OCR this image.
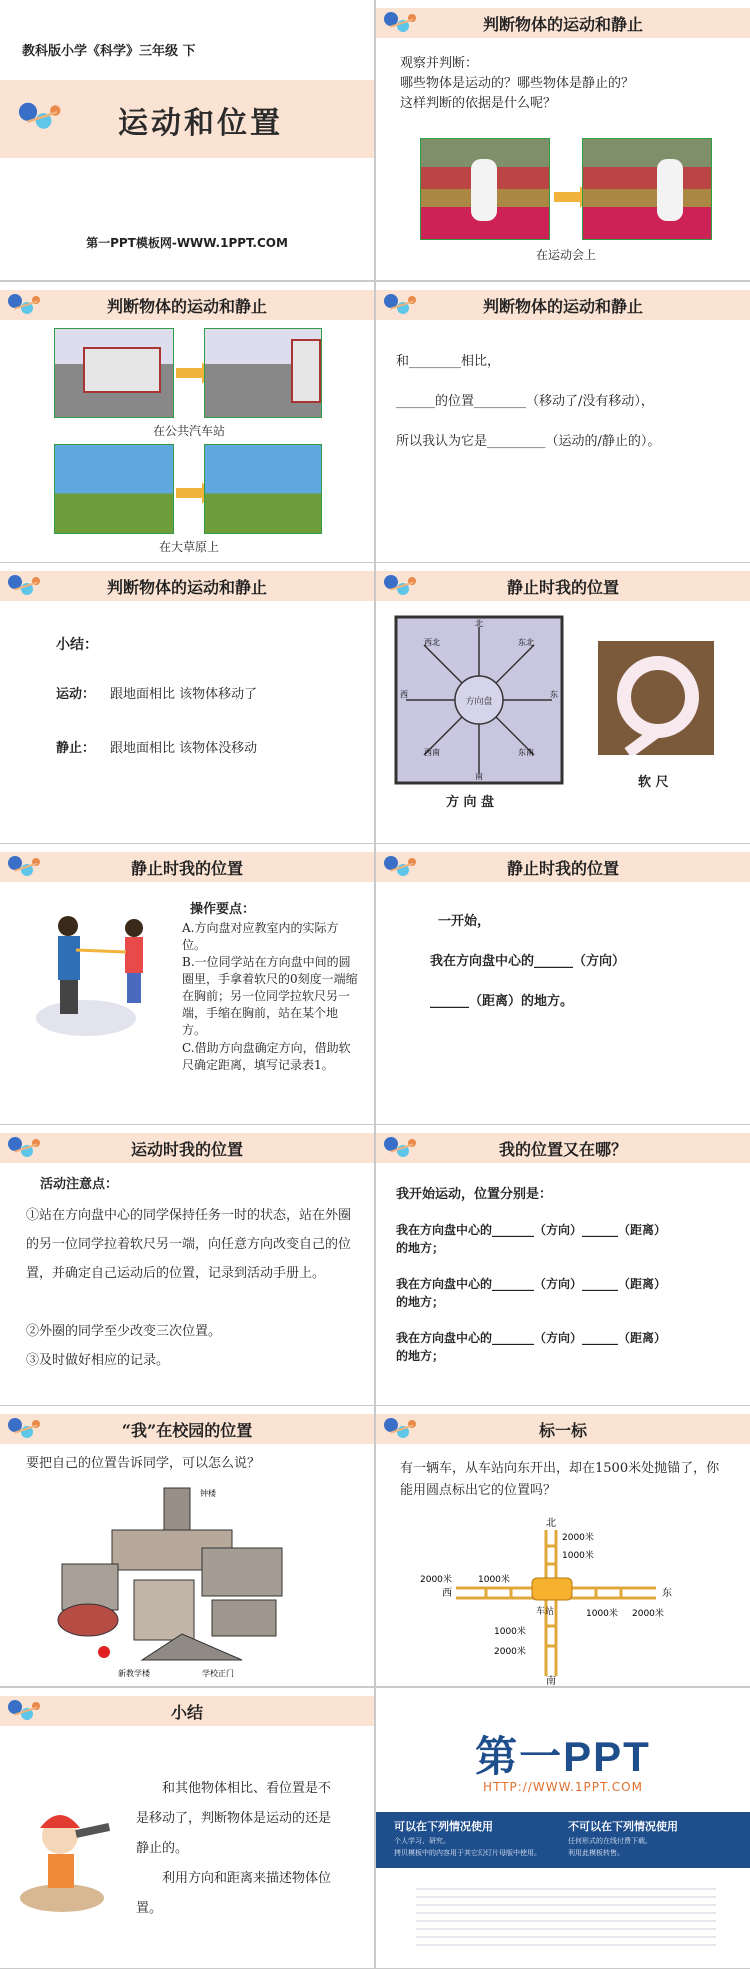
教科版小学《科学》三年级 下
运动和位置
第一PPT模板网-WWW.1PPT.COM
判断物体的运动和静止
观察并判断：
哪些物体是运动的？哪些物体是静止的？
这样判断的依据是什么呢？
在运动会上
判断物体的运动和静止
在公共汽车站
在大草原上
判断物体的运动和静止
和________相比，
______的位置________（移动了/没有移动），
所以我认为它是_________（运动的/静止的）。
判断物体的运动和静止
小结：
运动： 跟地面相比 该物体移动了
静止： 跟地面相比 该物体没移动
静止时我的位置
方向盘
北
东北
东
东南
南
西南
西
西北
方 向 盘
软 尺
静止时我的位置
操作要点：
A.方向盘对应教室内的实际方位。
B.一位同学站在方向盘中间的圆圈里，手拿着软尺的0刻度一端缩在胸前；另一位同学拉软尺另一端，手缩在胸前，站在某个地方。
C.借助方向盘确定方向，借助软尺确定距离，填写记录表1。
静止时我的位置
一开始，
我在方向盘中心的______（方向）
______（距离）的地方。
运动时我的位置
活动注意点：
①站在方向盘中心的同学保持任务一时的状态，站在外圈的另一位同学拉着软尺另一端，向任意方向改变自己的位置，并确定自己运动后的位置，记录到活动手册上。
②外圈的同学至少改变三次位置。
③及时做好相应的记录。
我的位置又在哪？
我开始运动，位置分别是：
我在方向盘中心的_______（方向）______（距离）
的地方；
我在方向盘中心的_______（方向）______（距离）
的地方；
我在方向盘中心的_______（方向）______（距离）
的地方；
“我”在校园的位置
要把自己的位置告诉同学，可以怎么说？
钟楼
新教学楼	学校正门
标一标
有一辆车，从车站向东开出，却在1500米处抛锚了，你能用圆点标出它的位置吗？
北
南
东
西
车站
2000米
1000米
2000米	1000米
1000米 2000米
1000米
2000米
小结
和其他物体相比、看位置是不是移动了，判断物体是运动的还是静止的。
利用方向和距离来描述物体位置。
第一PPT
HTTP://WWW.1PPT.COM
可以在下列情况使用
个人学习、研究。
拷贝模板中的内容用于其它幻灯片母版中使用。
不可以在下列情况使用
任何形式的在线付费下载。
利用此模板转售。
